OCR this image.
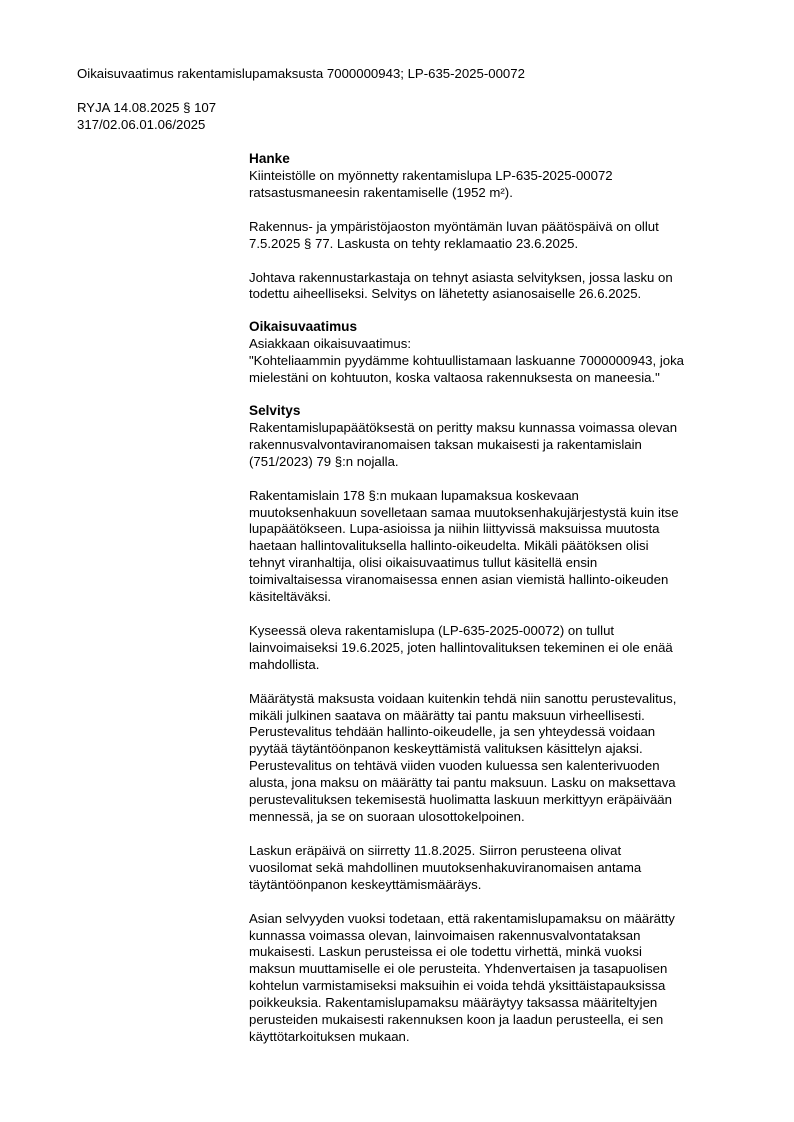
Oikaisuvaatimus rakentamislupamaksusta 7000000943; LP-635-2025-00072
RYJA 14.08.2025 § 107
317/02.06.01.06/2025
Hanke
Kiinteistölle on myönnetty rakentamislupa LP-635-2025-00072
ratsastusmaneesin rakentamiselle (1952 m²).
Rakennus- ja ympäristöjaoston myöntämän luvan päätöspäivä on ollut
7.5.2025 § 77. Laskusta on tehty reklamaatio 23.6.2025.
Johtava rakennustarkastaja on tehnyt asiasta selvityksen, jossa lasku on
todettu aiheelliseksi. Selvitys on lähetetty asianosaiselle 26.6.2025.
Oikaisuvaatimus
Asiakkaan oikaisuvaatimus:
"Kohteliaammin pyydämme kohtuullistamaan laskuanne 7000000943, joka
mielestäni on kohtuuton, koska valtaosa rakennuksesta on maneesia."
Selvitys
Rakentamislupapäätöksestä on peritty maksu kunnassa voimassa olevan
rakennusvalvontaviranomaisen taksan mukaisesti ja rakentamislain
(751/2023) 79 §:n nojalla.
Rakentamislain 178 §:n mukaan lupamaksua koskevaan
muutoksenhakuun sovelletaan samaa muutoksenhakujärjestystä kuin itse
lupapäätökseen. Lupa-asioissa ja niihin liittyvissä maksuissa muutosta
haetaan hallintovalituksella hallinto-oikeudelta. Mikäli päätöksen olisi
tehnyt viranhaltija, olisi oikaisuvaatimus tullut käsitellä ensin
toimivaltaisessa viranomaisessa ennen asian viemistä hallinto-oikeuden
käsiteltäväksi.
Kyseessä oleva rakentamislupa (LP-635-2025-00072) on tullut
lainvoimaiseksi 19.6.2025, joten hallintovalituksen tekeminen ei ole enää
mahdollista.
Määrätystä maksusta voidaan kuitenkin tehdä niin sanottu perustevalitus,
mikäli julkinen saatava on määrätty tai pantu maksuun virheellisesti.
Perustevalitus tehdään hallinto-oikeudelle, ja sen yhteydessä voidaan
pyytää täytäntöönpanon keskeyttämistä valituksen käsittelyn ajaksi.
Perustevalitus on tehtävä viiden vuoden kuluessa sen kalenterivuoden
alusta, jona maksu on määrätty tai pantu maksuun. Lasku on maksettava
perustevalituksen tekemisestä huolimatta laskuun merkittyyn eräpäivään
mennessä, ja se on suoraan ulosottokelpoinen.
Laskun eräpäivä on siirretty 11.8.2025. Siirron perusteena olivat
vuosilomat sekä mahdollinen muutoksenhakuviranomaisen antama
täytäntöönpanon keskeyttämismääräys.
Asian selvyyden vuoksi todetaan, että rakentamislupamaksu on määrätty
kunnassa voimassa olevan, lainvoimaisen rakennusvalvontataksan
mukaisesti. Laskun perusteissa ei ole todettu virhettä, minkä vuoksi
maksun muuttamiselle ei ole perusteita. Yhdenvertaisen ja tasapuolisen
kohtelun varmistamiseksi maksuihin ei voida tehdä yksittäistapauksissa
poikkeuksia. Rakentamislupamaksu määräytyy taksassa määriteltyjen
perusteiden mukaisesti rakennuksen koon ja laadun perusteella, ei sen
käyttötarkoituksen mukaan.
